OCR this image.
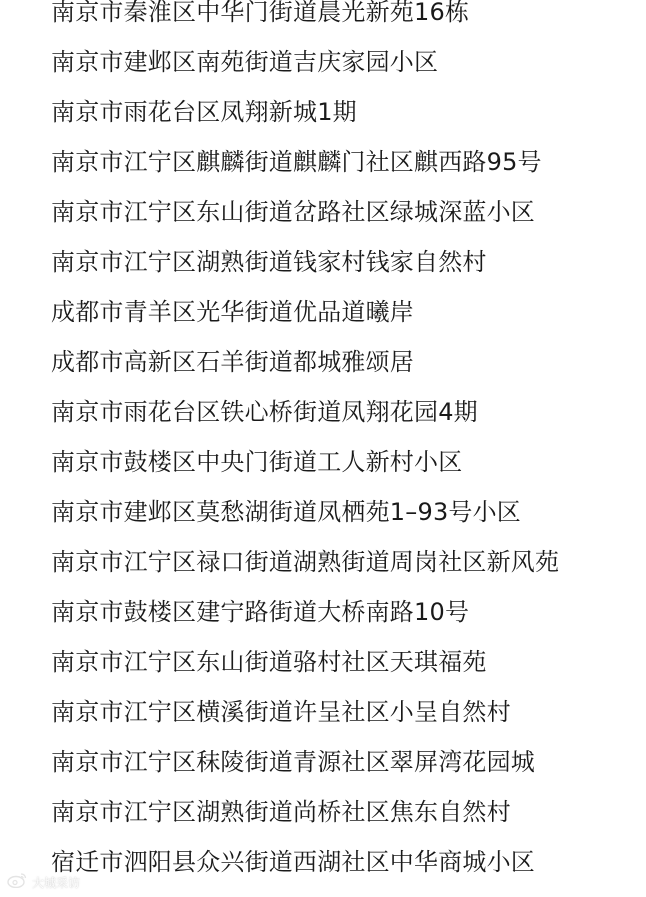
南京市秦淮区中华门街道晨光新苑16栋
南京市建邺区南苑街道吉庆家园小区
南京市雨花台区凤翔新城1期
南京市江宁区麒麟街道麒麟门社区麒西路95号
南京市江宁区东山街道岔路社区绿城深蓝小区
南京市江宁区湖熟街道钱家村钱家自然村
成都市青羊区光华街道优品道曦岸
成都市高新区石羊街道都城雅颂居
南京市雨花台区铁心桥街道凤翔花园4期
南京市鼓楼区中央门街道工人新村小区
南京市建邺区莫愁湖街道凤栖苑1–93号小区
南京市江宁区禄口街道湖熟街道周岗社区新风苑
南京市鼓楼区建宁路街道大桥南路10号
南京市江宁区东山街道骆村社区天琪福苑
南京市江宁区横溪街道许呈社区小呈自然村
南京市江宁区秣陵街道青源社区翠屏湾花园城
南京市江宁区湖熟街道尚桥社区焦东自然村
宿迁市泗阳县众兴街道西湖社区中华商城小区
大城采访
